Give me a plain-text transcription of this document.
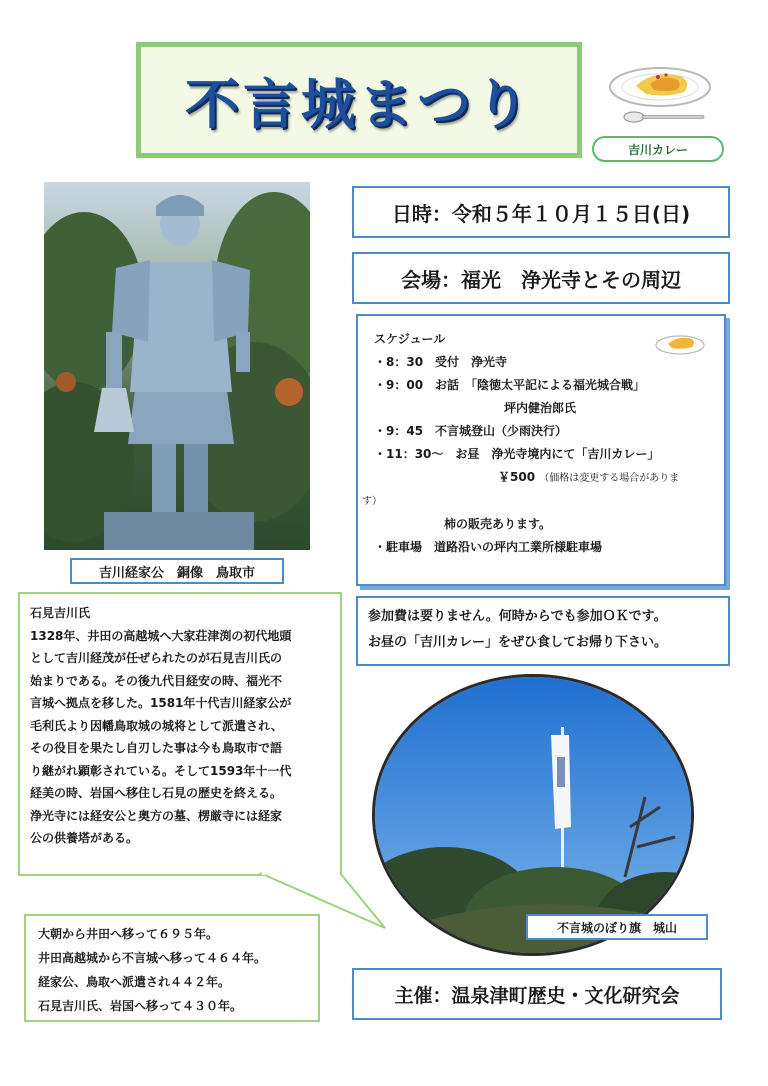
不言城まつり
吉川カレー
吉川経家公　銅像　鳥取市
日時：令和５年１０月１５日(日)
会場：福光　浄光寺とその周辺
スケジュール
・8：30　受付　浄光寺
・9：00　お話　「陰徳太平記による福光城合戦」
坪内健治郎氏
・9：45　不言城登山（少雨決行）
・11：30～　お昼　浄光寺境内にて「吉川カレー」
￥500 （価格は変更する場合がありま
す）
柿の販売あります。
・駐車場　道路沿いの坪内工業所様駐車場
石見吉川氏
1328年、井田の高越城へ大家荘津渕の初代地頭
として吉川経茂が任ぜられたのが石見吉川氏の
始まりである。その後九代目経安の時、福光不
言城へ拠点を移した。1581年十代吉川経家公が
毛利氏より因幡鳥取城の城将として派遣され、
その役目を果たし自刃した事は今も鳥取市で語
り継がれ顕彰されている。そして1593年十一代
経美の時、岩国へ移住し石見の歴史を終える。
浄光寺には経安公と奥方の墓、楞厳寺には経家
公の供養塔がある。
大朝から井田へ移って６９５年。
井田高越城から不言城へ移って４６４年。
経家公、鳥取へ派遣され４４２年。
石見吉川氏、岩国へ移って４３０年。
参加費は要りません。何時からでも参加ＯＫです。
お昼の「吉川カレー」をぜひ食してお帰り下さい。
不言城のぼり旗　城山
主催：温泉津町歴史・文化研究会
